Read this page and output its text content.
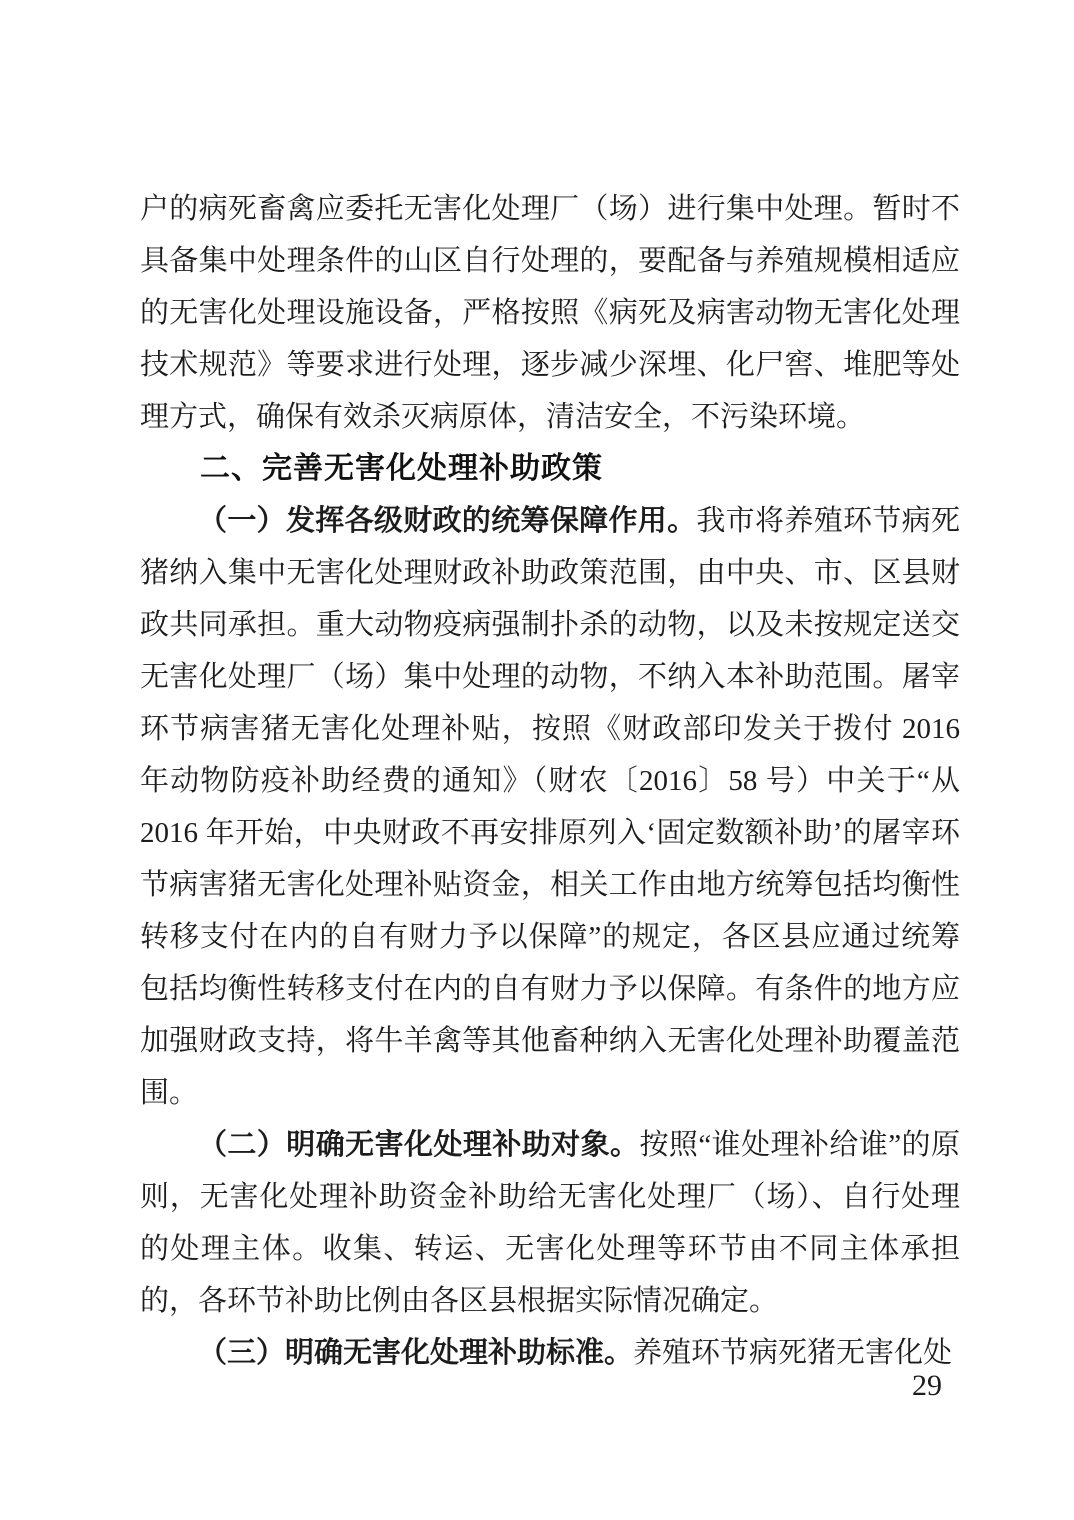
户的病死畜禽应委托无害化处理厂（场）进行集中处理。暂时不具备集中处理条件的山区自行处理的，要配备与养殖规模相适应的无害化处理设施设备，严格按照《病死及病害动物无害化处理技术规范》等要求进行处理，逐步减少深埋、化尸窖、堆肥等处理方式，确保有效杀灭病原体，清洁安全，不污染环境。

二、完善无害化处理补助政策

（一）发挥各级财政的统筹保障作用。我市将养殖环节病死猪纳入集中无害化处理财政补助政策范围，由中央、市、区县财政共同承担。重大动物疫病强制扑杀的动物，以及未按规定送交无害化处理厂（场）集中处理的动物，不纳入本补助范围。屠宰环节病害猪无害化处理补贴，按照《财政部印发关于拨付 2016 年动物防疫补助经费的通知》（财农〔2016〕58 号）中关于“从 2016 年开始，中央财政不再安排原列入‘固定数额补助’的屠宰环节病害猪无害化处理补贴资金，相关工作由地方统筹包括均衡性转移支付在内的自有财力予以保障”的规定，各区县应通过统筹包括均衡性转移支付在内的自有财力予以保障。有条件的地方应加强财政支持，将牛羊禽等其他畜种纳入无害化处理补助覆盖范围。

（二）明确无害化处理补助对象。按照“谁处理补给谁”的原则，无害化处理补助资金补助给无害化处理厂（场）、自行处理的处理主体。收集、转运、无害化处理等环节由不同主体承担的，各环节补助比例由各区县根据实际情况确定。

（三）明确无害化处理补助标准。养殖环节病死猪无害化处

29
